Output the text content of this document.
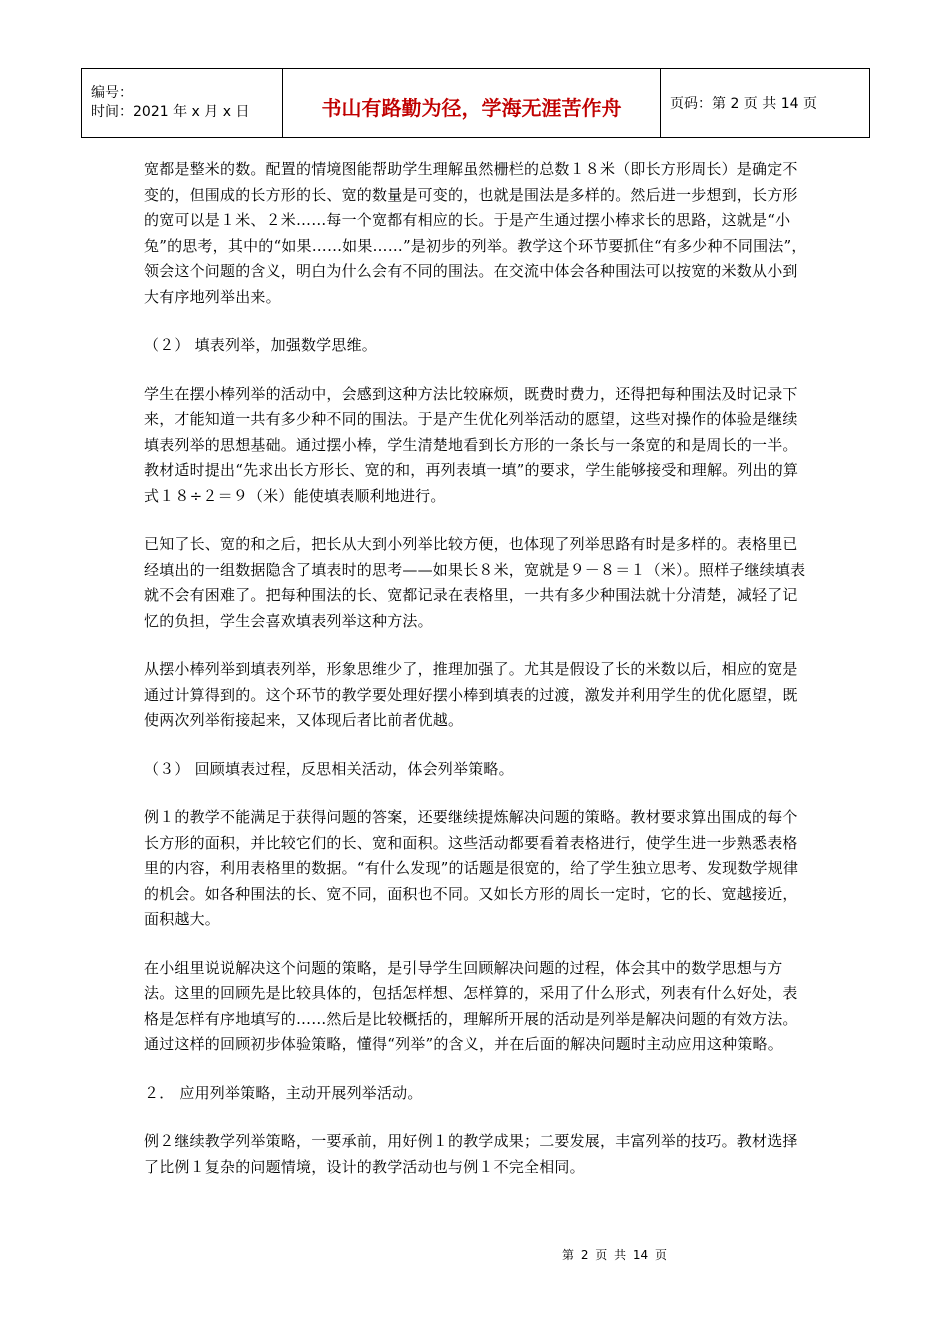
编号：
时间：2021 年 x 月 x 日	书山有路勤为径，学海无涯苦作舟	页码：第 2 页 共 14 页

宽都是整米的数。配置的情境图能帮助学生理解虽然栅栏的总数１８米（即长方形周长）是确定不变的，但围成的长方形的长、宽的数量是可变的，也就是围法是多样的。然后进一步想到，长方形的宽可以是１米、２米……每一个宽都有相应的长。于是产生通过摆小棒求长的思路，这就是“小兔”的思考，其中的“如果……如果……”是初步的列举。教学这个环节要抓住“有多少种不同围法”，领会这个问题的含义，明白为什么会有不同的围法。在交流中体会各种围法可以按宽的米数从小到大有序地列举出来。

（２） 填表列举，加强数学思维。

学生在摆小棒列举的活动中，会感到这种方法比较麻烦，既费时费力，还得把每种围法及时记录下来，才能知道一共有多少种不同的围法。于是产生优化列举活动的愿望，这些对操作的体验是继续填表列举的思想基础。通过摆小棒，学生清楚地看到长方形的一条长与一条宽的和是周长的一半。教材适时提出“先求出长方形长、宽的和，再列表填一填”的要求，学生能够接受和理解。列出的算式１８÷２＝９（米）能使填表顺利地进行。

已知了长、宽的和之后，把长从大到小列举比较方便，也体现了列举思路有时是多样的。表格里已经填出的一组数据隐含了填表时的思考——如果长８米，宽就是９－８＝１（米）。照样子继续填表就不会有困难了。把每种围法的长、宽都记录在表格里，一共有多少种围法就十分清楚，减轻了记忆的负担，学生会喜欢填表列举这种方法。

从摆小棒列举到填表列举，形象思维少了，推理加强了。尤其是假设了长的米数以后，相应的宽是通过计算得到的。这个环节的教学要处理好摆小棒到填表的过渡，激发并利用学生的优化愿望，既使两次列举衔接起来，又体现后者比前者优越。

（３） 回顾填表过程，反思相关活动，体会列举策略。

例１的教学不能满足于获得问题的答案，还要继续提炼解决问题的策略。教材要求算出围成的每个长方形的面积，并比较它们的长、宽和面积。这些活动都要看着表格进行，使学生进一步熟悉表格里的内容，利用表格里的数据。“有什么发现”的话题是很宽的，给了学生独立思考、发现数学规律的机会。如各种围法的长、宽不同，面积也不同。又如长方形的周长一定时，它的长、宽越接近，面积越大。

在小组里说说解决这个问题的策略，是引导学生回顾解决问题的过程，体会其中的数学思想与方法。这里的回顾先是比较具体的，包括怎样想、怎样算的，采用了什么形式，列表有什么好处，表格是怎样有序地填写的……然后是比较概括的，理解所开展的活动是列举是解决问题的有效方法。通过这样的回顾初步体验策略，懂得“列举”的含义，并在后面的解决问题时主动应用这种策略。

２． 应用列举策略，主动开展列举活动。

例２继续教学列举策略，一要承前，用好例１的教学成果；二要发展，丰富列举的技巧。教材选择了比例１复杂的问题情境，设计的教学活动也与例１不完全相同。

第 2 页 共 14 页
